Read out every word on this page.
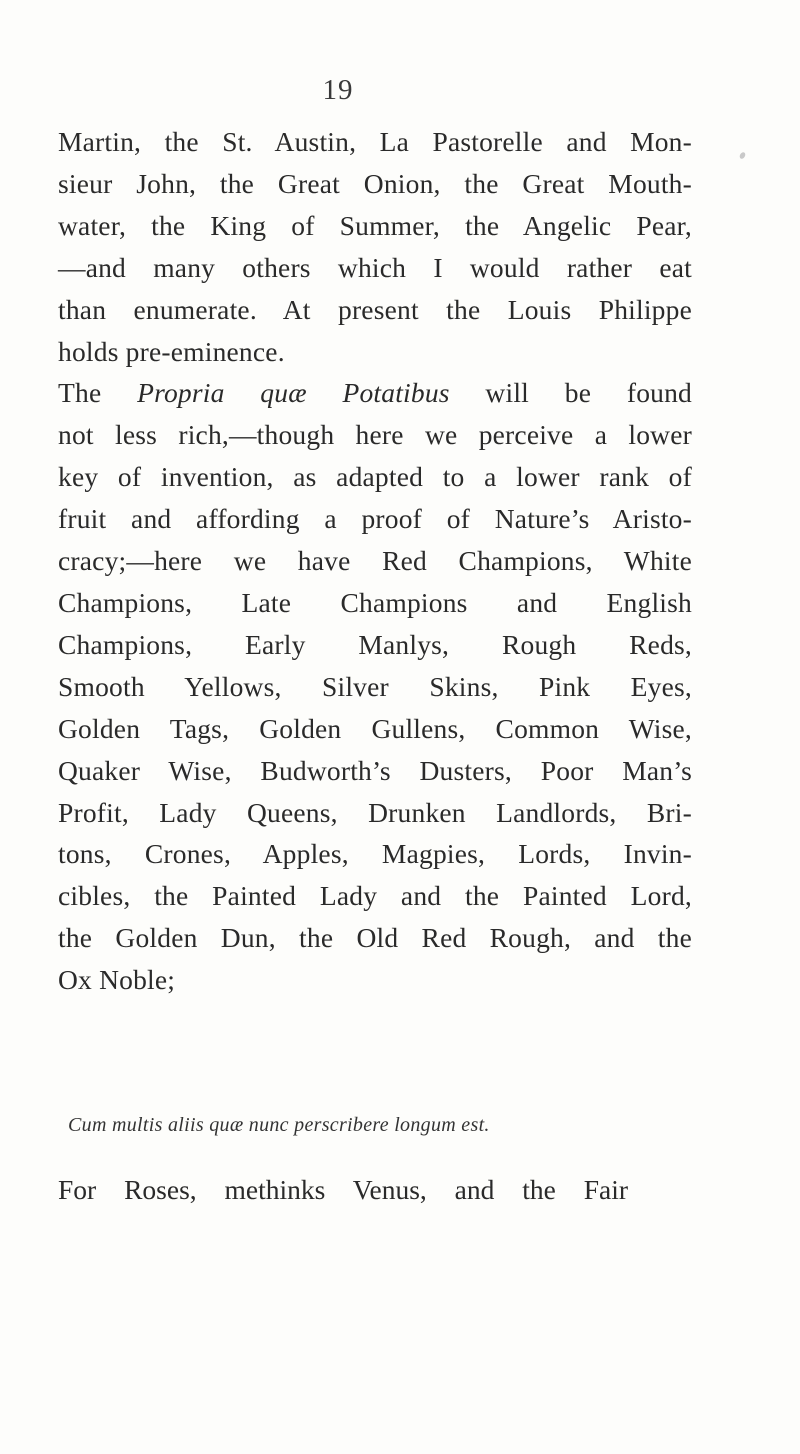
19
Martin, the St. Austin, La Pastorelle and Mon-
sieur John, the Great Onion, the Great Mouth-
water, the King of Summer, the Angelic Pear,
—and many others which I would rather eat
than enumerate. At present the Louis Philippe
holds pre-eminence.
The Propria quæ Potatibus will be found
not less rich,—though here we perceive a lower
key of invention, as adapted to a lower rank of
fruit and affording a proof of Nature’s Aristo-
cracy;—here we have Red Champions, White
Champions, Late Champions and English
Champions, Early Manlys, Rough Reds,
Smooth Yellows, Silver Skins, Pink Eyes,
Golden Tags, Golden Gullens, Common Wise,
Quaker Wise, Budworth’s Dusters, Poor Man’s
Profit, Lady Queens, Drunken Landlords, Bri-
tons, Crones, Apples, Magpies, Lords, Invin-
cibles, the Painted Lady and the Painted Lord,
the Golden Dun, the Old Red Rough, and the
Ox Noble;
Cum multis aliis quæ nunc perscribere longum est.
For Roses, methinks Venus, and the Fair
